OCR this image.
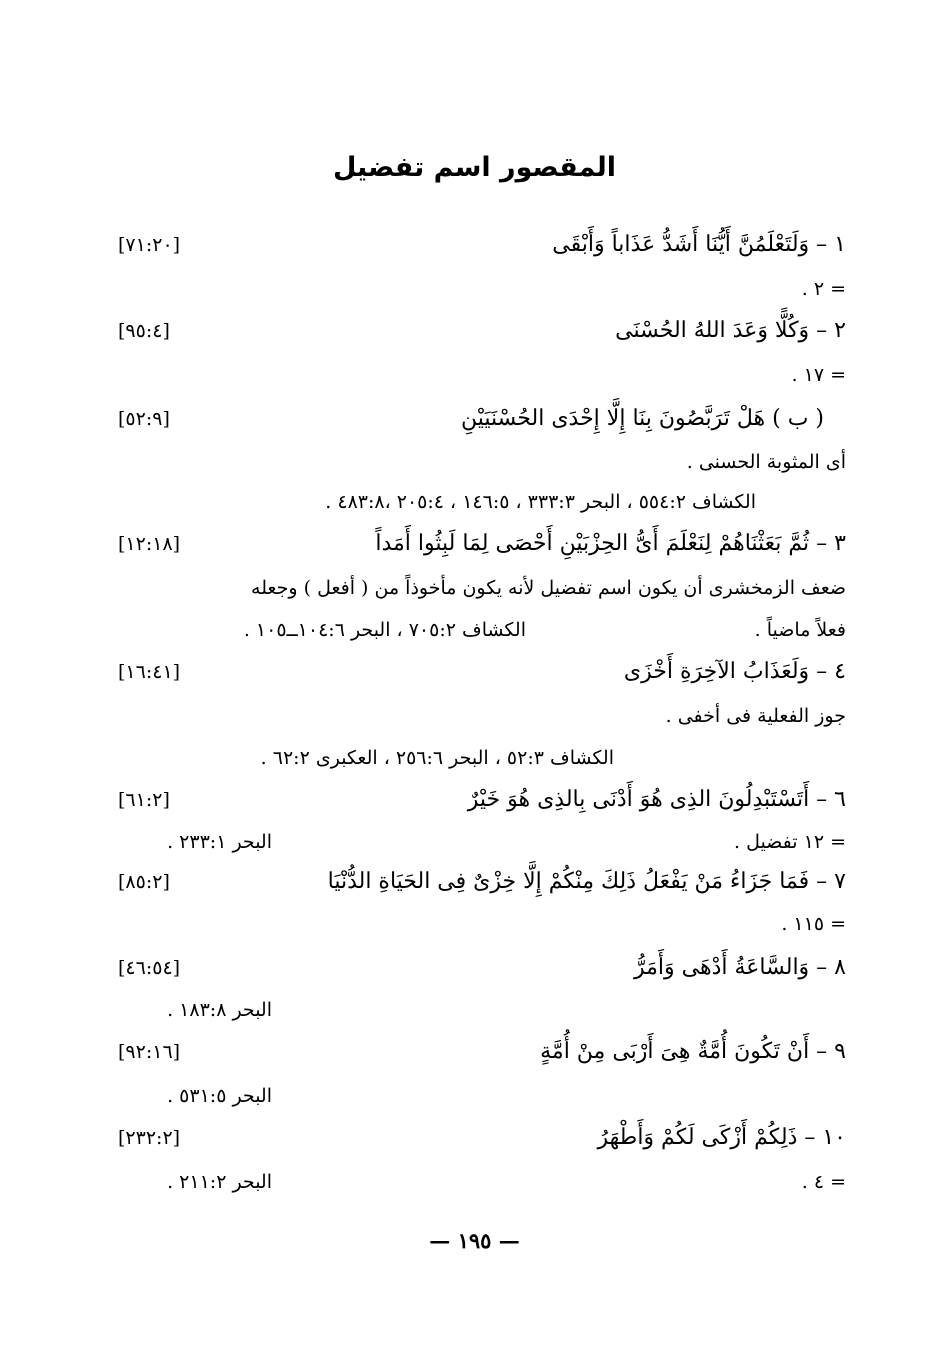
المقصور اسم تفضيل
١ – وَلَتَعْلَمُنَّ أَيُّنَا أَشَدُّ عَذَاباً وَأَبْقَى
[٧١:٢٠]
= ٢ .
٢ – وَكُلًّا وَعَدَ اللهُ الحُسْنَى
[٩٥:٤]
= ١٧ .
( ب ) هَلْ تَرَبَّصُونَ بِنَا إِلَّا إِحْدَى الحُسْنَيَيْنِ
[٥٢:٩]
أى المثوبة الحسنى .
الكشاف ٥٥٤:٢ ، البحر ٣٣٣:٣ ، ١٤٦:٥ ، ٢٠٥:٤ ،٤٨٣:٨ .
٣ – ثُمَّ بَعَثْنَاهُمْ لِنَعْلَمَ أَىُّ الحِزْبَيْنِ أَحْصَى لِمَا لَبِثُوا أَمَداً
[١٢:١٨]
ضعف الزمخشرى أن يكون اسم تفضيل لأنه يكون مأخوذاً من ( أفعل ) وجعله
فعلاً ماضياً .
الكشاف ٧٠٥:٢ ، البحر ١٠٤:٦ــ١٠٥ .
٤ – وَلَعَذَابُ الآخِرَةِ أَخْزَى
[١٦:٤١]
جوز الفعلية فى أخفى .
الكشاف ٥٢:٣ ، البحر ٢٥٦:٦ ، العكبرى ٦٢:٢ .
٦ – أَتَسْتَبْدِلُونَ الذِى هُوَ أَدْنَى بِالذِى هُوَ خَيْرٌ
[٦١:٢]
= ١٢ تفضيل .
البحر ٢٣٣:١ .
٧ – فَمَا جَزَاءُ مَنْ يَفْعَلُ ذَلِكَ مِنْكُمْ إِلَّا خِزْىٌ فِى الحَيَاةِ الدُّنْيَا
[٨٥:٢]
= ١١٥ .
٨ – وَالسَّاعَةُ أَدْهَى وَأَمَرُّ
[٤٦:٥٤]
البحر ١٨٣:٨ .
٩ – أَنْ تَكُونَ أُمَّةٌ هِىَ أَرْبَى مِنْ أُمَّةٍ
[٩٢:١٦]
البحر ٥٣١:٥ .
١٠ – ذَلِكُمْ أَزْكَى لَكُمْ وَأَطْهَرُ
[٢٣٢:٢]
= ٤ .
البحر ٢١١:٢ .
— ١٩٥ —
